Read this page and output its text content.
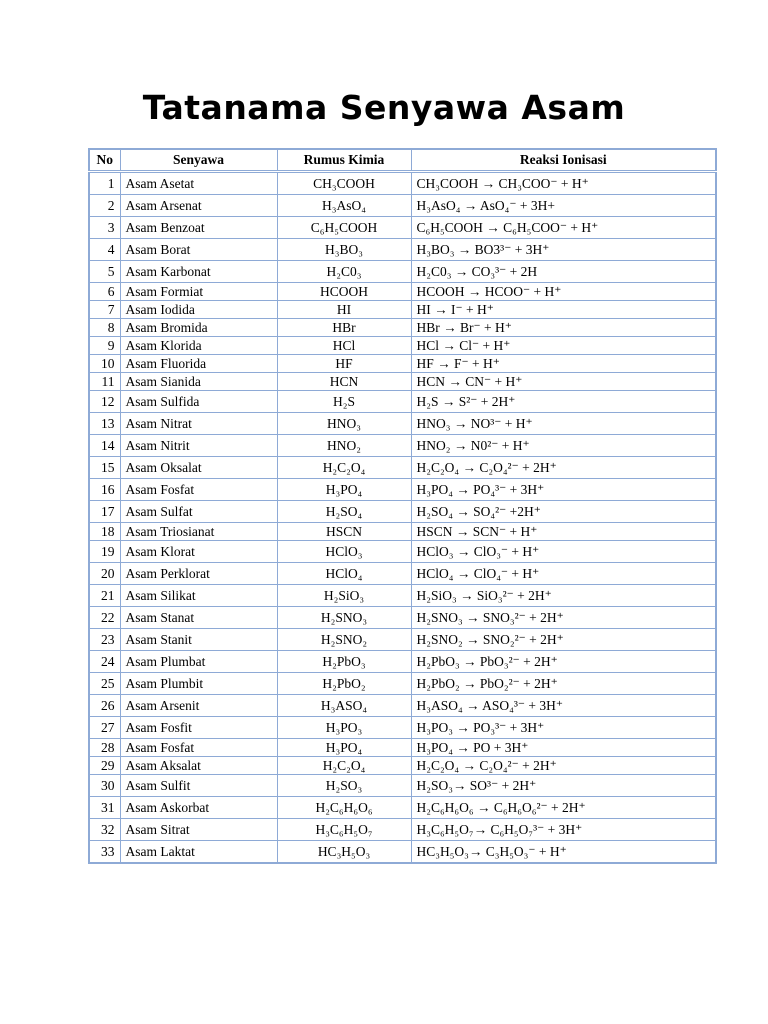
Tatanama Senyawa Asam
No	Senyawa	Rumus Kimia	Reaksi Ionisasi
1	Asam Asetat	CH₃COOH	CH₃COOH → CH₃COO⁻ + H⁺
2	Asam Arsenat	H₃AsO₄	H₃AsO₄ → AsO₄⁻ + 3H+
3	Asam Benzoat	C₆H₅COOH	C₆H₅COOH → C₆H₅COO⁻ + H⁺
4	Asam Borat	H₃BO₃	H₃BO₃ → BO3³⁻ + 3H⁺
5	Asam Karbonat	H₂C0₃	H₂C0₃ → CO₃³⁻ + 2H
6	Asam Formiat	HCOOH	HCOOH → HCOO⁻ + H⁺
7	Asam Iodida	HI	HI → I⁻ + H⁺
8	Asam Bromida	HBr	HBr → Br⁻ + H⁺
9	Asam Klorida	HCl	HCl → Cl⁻ + H⁺
10	Asam Fluorida	HF	HF → F⁻ + H⁺
11	Asam Sianida	HCN	HCN → CN⁻ + H⁺
12	Asam Sulfida	H₂S	H₂S → S²⁻ + 2H⁺
13	Asam Nitrat	HNO₃	HNO₃ → NO³⁻ + H⁺
14	Asam Nitrit	HNO₂	HNO₂ → N0²⁻ + H⁺
15	Asam Oksalat	H₂C₂O₄	H₂C₂O₄ → C₂O₄²⁻ + 2H⁺
16	Asam Fosfat	H₃PO₄	H₃PO₄ → PO₄³⁻ + 3H⁺
17	Asam Sulfat	H₂SO₄	H₂SO₄ → SO₄²⁻ +2H⁺
18	Asam Triosianat	HSCN	HSCN → SCN⁻ + H⁺
19	Asam Klorat	HClO₃	HClO₃ → ClO₃⁻ + H⁺
20	Asam Perklorat	HClO₄	HClO₄ → ClO₄⁻ + H⁺
21	Asam Silikat	H₂SiO₃	H₂SiO₃ → SiO₃²⁻ + 2H⁺
22	Asam Stanat	H₂SNO₃	H₂SNO₃ → SNO₃²⁻ + 2H⁺
23	Asam Stanit	H₂SNO₂	H₂SNO₂ → SNO₂²⁻ + 2H⁺
24	Asam Plumbat	H₂PbO₃	H₂PbO₃ → PbO₃²⁻ + 2H⁺
25	Asam Plumbit	H₂PbO₂	H₂PbO₂ → PbO₂²⁻ + 2H⁺
26	Asam Arsenit	H₃ASO₄	H₃ASO₄ → ASO₄³⁻ + 3H⁺
27	Asam Fosfit	H₃PO₃	H₃PO₃ → PO₃³⁻ + 3H⁺
28	Asam Fosfat	H₃PO₄	H₃PO₄ → PO + 3H⁺
29	Asam Aksalat	H₂C₂O₄	H₂C₂O₄ → C₂O₄²⁻ + 2H⁺
30	Asam Sulfit	H₂SO₃	H₂SO₃→ SO³⁻ + 2H⁺
31	Asam Askorbat	H₂C₆H₆O₆	H₂C₆H₆O₆ → C₆H₆O₆²⁻ + 2H⁺
32	Asam Sitrat	H₃C₆H₅O₇	H₃C₆H₅O₇→ C₆H₅O₇³⁻ + 3H⁺
33	Asam Laktat	HC₃H₅O₃	HC₃H₅O₃→ C₃H₅O₃⁻ + H⁺
